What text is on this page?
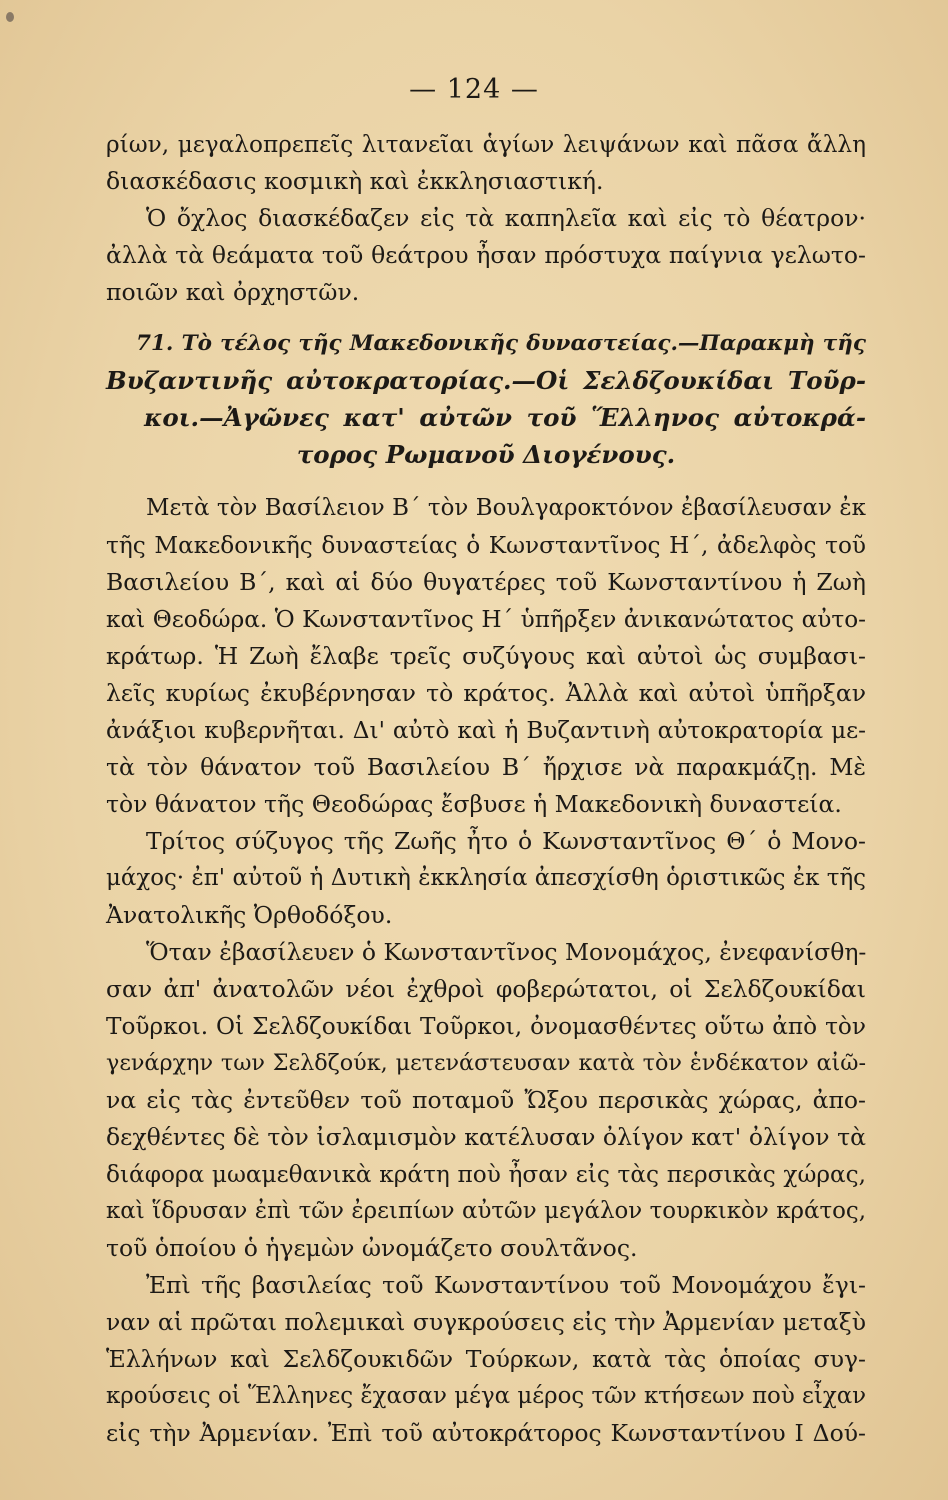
— 124 —
ρίων, μεγαλοπρεπεῖς λιτανεῖαι ἁγίων λειψάνων καὶ πᾶσα ἄλλη
διασκέδασις κοσμικὴ καὶ ἐκκλησιαστική.
Ὁ ὄχλος διασκέδαζεν εἰς τὰ καπηλεῖα καὶ εἰς τὸ θέατρον·
ἀλλὰ τὰ θεάματα τοῦ θεάτρου ἦσαν πρόστυχα παίγνια γελωτο-
ποιῶν καὶ ὀρχηστῶν.
71. Τὸ τέλος τῆς Μακεδονικῆς δυναστείας.—Παρακμὴ τῆς
Βυζαντινῆς αὐτοκρατορίας.—Οἱ Σελδζουκίδαι Τοῦρ-
κοι.—Ἀγῶνες κατ' αὐτῶν τοῦ Ἕλληνος αὐτοκρά-
τορος Ρωμανοῦ Διογένους.
Μετὰ τὸν Βασίλειον Β΄ τὸν Βουλγαροκτόνον ἐβασίλευσαν ἐκ
τῆς Μακεδονικῆς δυναστείας ὁ Κωνσταντῖνος Η΄, ἀδελφὸς τοῦ
Βασιλείου Β΄, καὶ αἱ δύο θυγατέρες τοῦ Κωνσταντίνου ἡ Ζωὴ
καὶ Θεοδώρα. Ὁ Κωνσταντῖνος Η΄ ὑπῆρξεν ἀνικανώτατος αὐτο-
κράτωρ. Ἡ Ζωὴ ἔλαβε τρεῖς συζύγους καὶ αὐτοὶ ὡς συμβασι-
λεῖς κυρίως ἐκυβέρνησαν τὸ κράτος. Ἀλλὰ καὶ αὐτοὶ ὑπῆρξαν
ἀνάξιοι κυβερνῆται. Δι' αὐτὸ καὶ ἡ Βυζαντινὴ αὐτοκρατορία με-
τὰ τὸν θάνατον τοῦ Βασιλείου Β΄ ἤρχισε νὰ παρακμάζῃ. Μὲ
τὸν θάνατον τῆς Θεοδώρας ἔσβυσε ἡ Μακεδονικὴ δυναστεία.
Τρίτος σύζυγος τῆς Ζωῆς ἦτο ὁ Κωνσταντῖνος Θ΄ ὁ Μονο-
μάχος· ἐπ' αὐτοῦ ἡ Δυτικὴ ἐκκλησία ἀπεσχίσθη ὁριστικῶς ἐκ τῆς
Ἀνατολικῆς Ὀρθοδόξου.
Ὅταν ἐβασίλευεν ὁ Κωνσταντῖνος Μονομάχος, ἐνεφανίσθη-
σαν ἀπ' ἀνατολῶν νέοι ἐχθροὶ φοβερώτατοι, οἱ Σελδζουκίδαι
Τοῦρκοι. Οἱ Σελδζουκίδαι Τοῦρκοι, ὀνομασθέντες οὕτω ἀπὸ τὸν
γενάρχην των Σελδζούκ, μετενάστευσαν κατὰ τὸν ἑνδέκατον αἰῶ-
να εἰς τὰς ἐντεῦθεν τοῦ ποταμοῦ Ὤξου περσικὰς χώρας, ἀπο-
δεχθέντες δὲ τὸν ἰσλαμισμὸν κατέλυσαν ὀλίγον κατ' ὀλίγον τὰ
διάφορα μωαμεθανικὰ κράτη ποὺ ἦσαν εἰς τὰς περσικὰς χώρας,
καὶ ἵδρυσαν ἐπὶ τῶν ἐρειπίων αὐτῶν μεγάλον τουρκικὸν κράτος,
τοῦ ὁποίου ὁ ἡγεμὼν ὠνομάζετο σουλτᾶνος.
Ἐπὶ τῆς βασιλείας τοῦ Κωνσταντίνου τοῦ Μονομάχου ἔγι-
ναν αἱ πρῶται πολεμικαὶ συγκρούσεις εἰς τὴν Ἀρμενίαν μεταξὺ
Ἑλλήνων καὶ Σελδζουκιδῶν Τούρκων, κατὰ τὰς ὁποίας συγ-
κρούσεις οἱ Ἕλληνες ἔχασαν μέγα μέρος τῶν κτήσεων ποὺ εἶχαν
εἰς τὴν Ἀρμενίαν. Ἐπὶ τοῦ αὐτοκράτορος Κωνσταντίνου Ι Δού-
